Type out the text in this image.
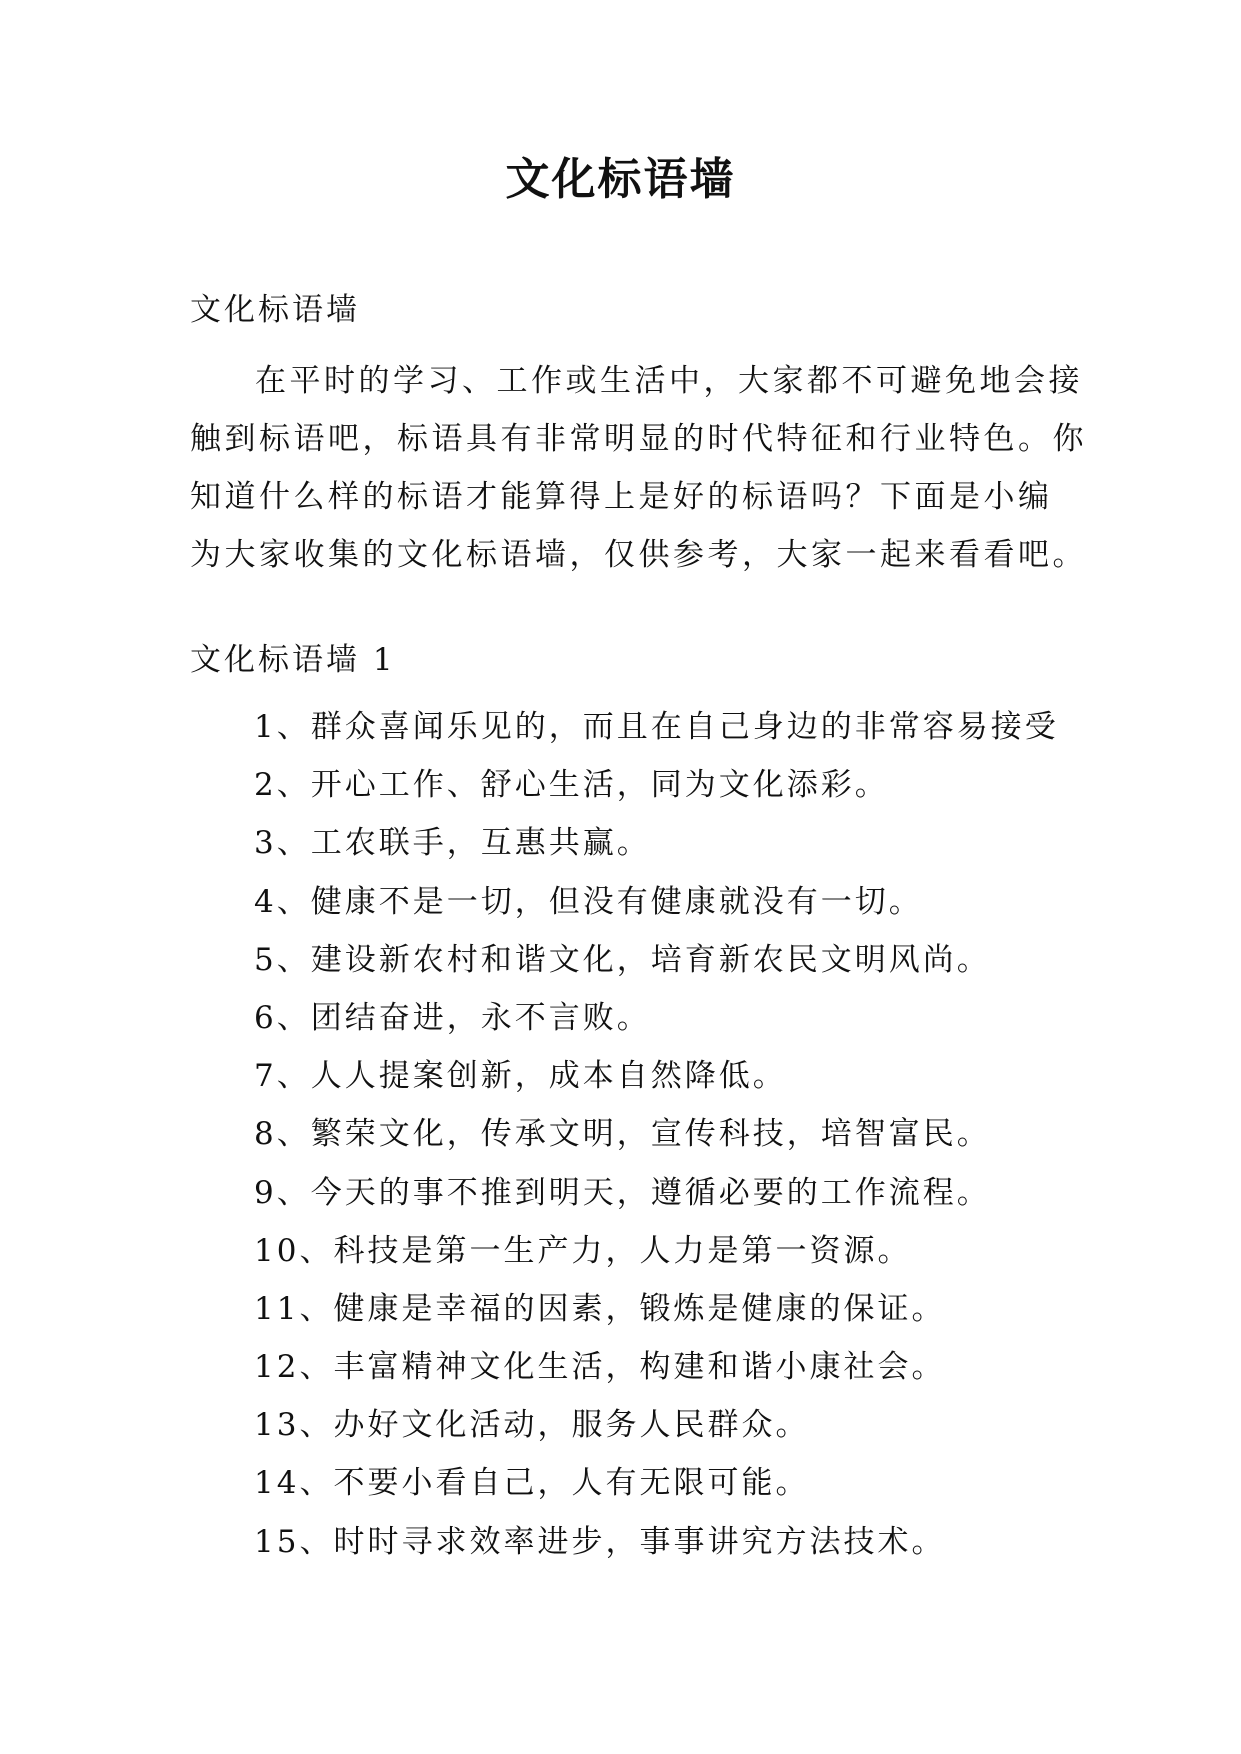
文化标语墙
文化标语墙

在平时的学习、工作或生活中，大家都不可避免地会接

触到标语吧，标语具有非常明显的时代特征和行业特色。你

知道什么样的标语才能算得上是好的标语吗？下面是小编

为大家收集的文化标语墙，仅供参考，大家一起来看看吧。

文化标语墙 1
1、群众喜闻乐见的，而且在自己身边的非常容易接受
2、开心工作、舒心生活，同为文化添彩。
3、工农联手，互惠共赢。
4、健康不是一切，但没有健康就没有一切。
5、建设新农村和谐文化，培育新农民文明风尚。
6、团结奋进，永不言败。
7、人人提案创新，成本自然降低。
8、繁荣文化，传承文明，宣传科技，培智富民。
9、今天的事不推到明天，遵循必要的工作流程。
10、科技是第一生产力，人力是第一资源。
11、健康是幸福的因素，锻炼是健康的保证。
12、丰富精神文化生活，构建和谐小康社会。
13、办好文化活动，服务人民群众。
14、不要小看自己，人有无限可能。
15、时时寻求效率进步，事事讲究方法技术。
